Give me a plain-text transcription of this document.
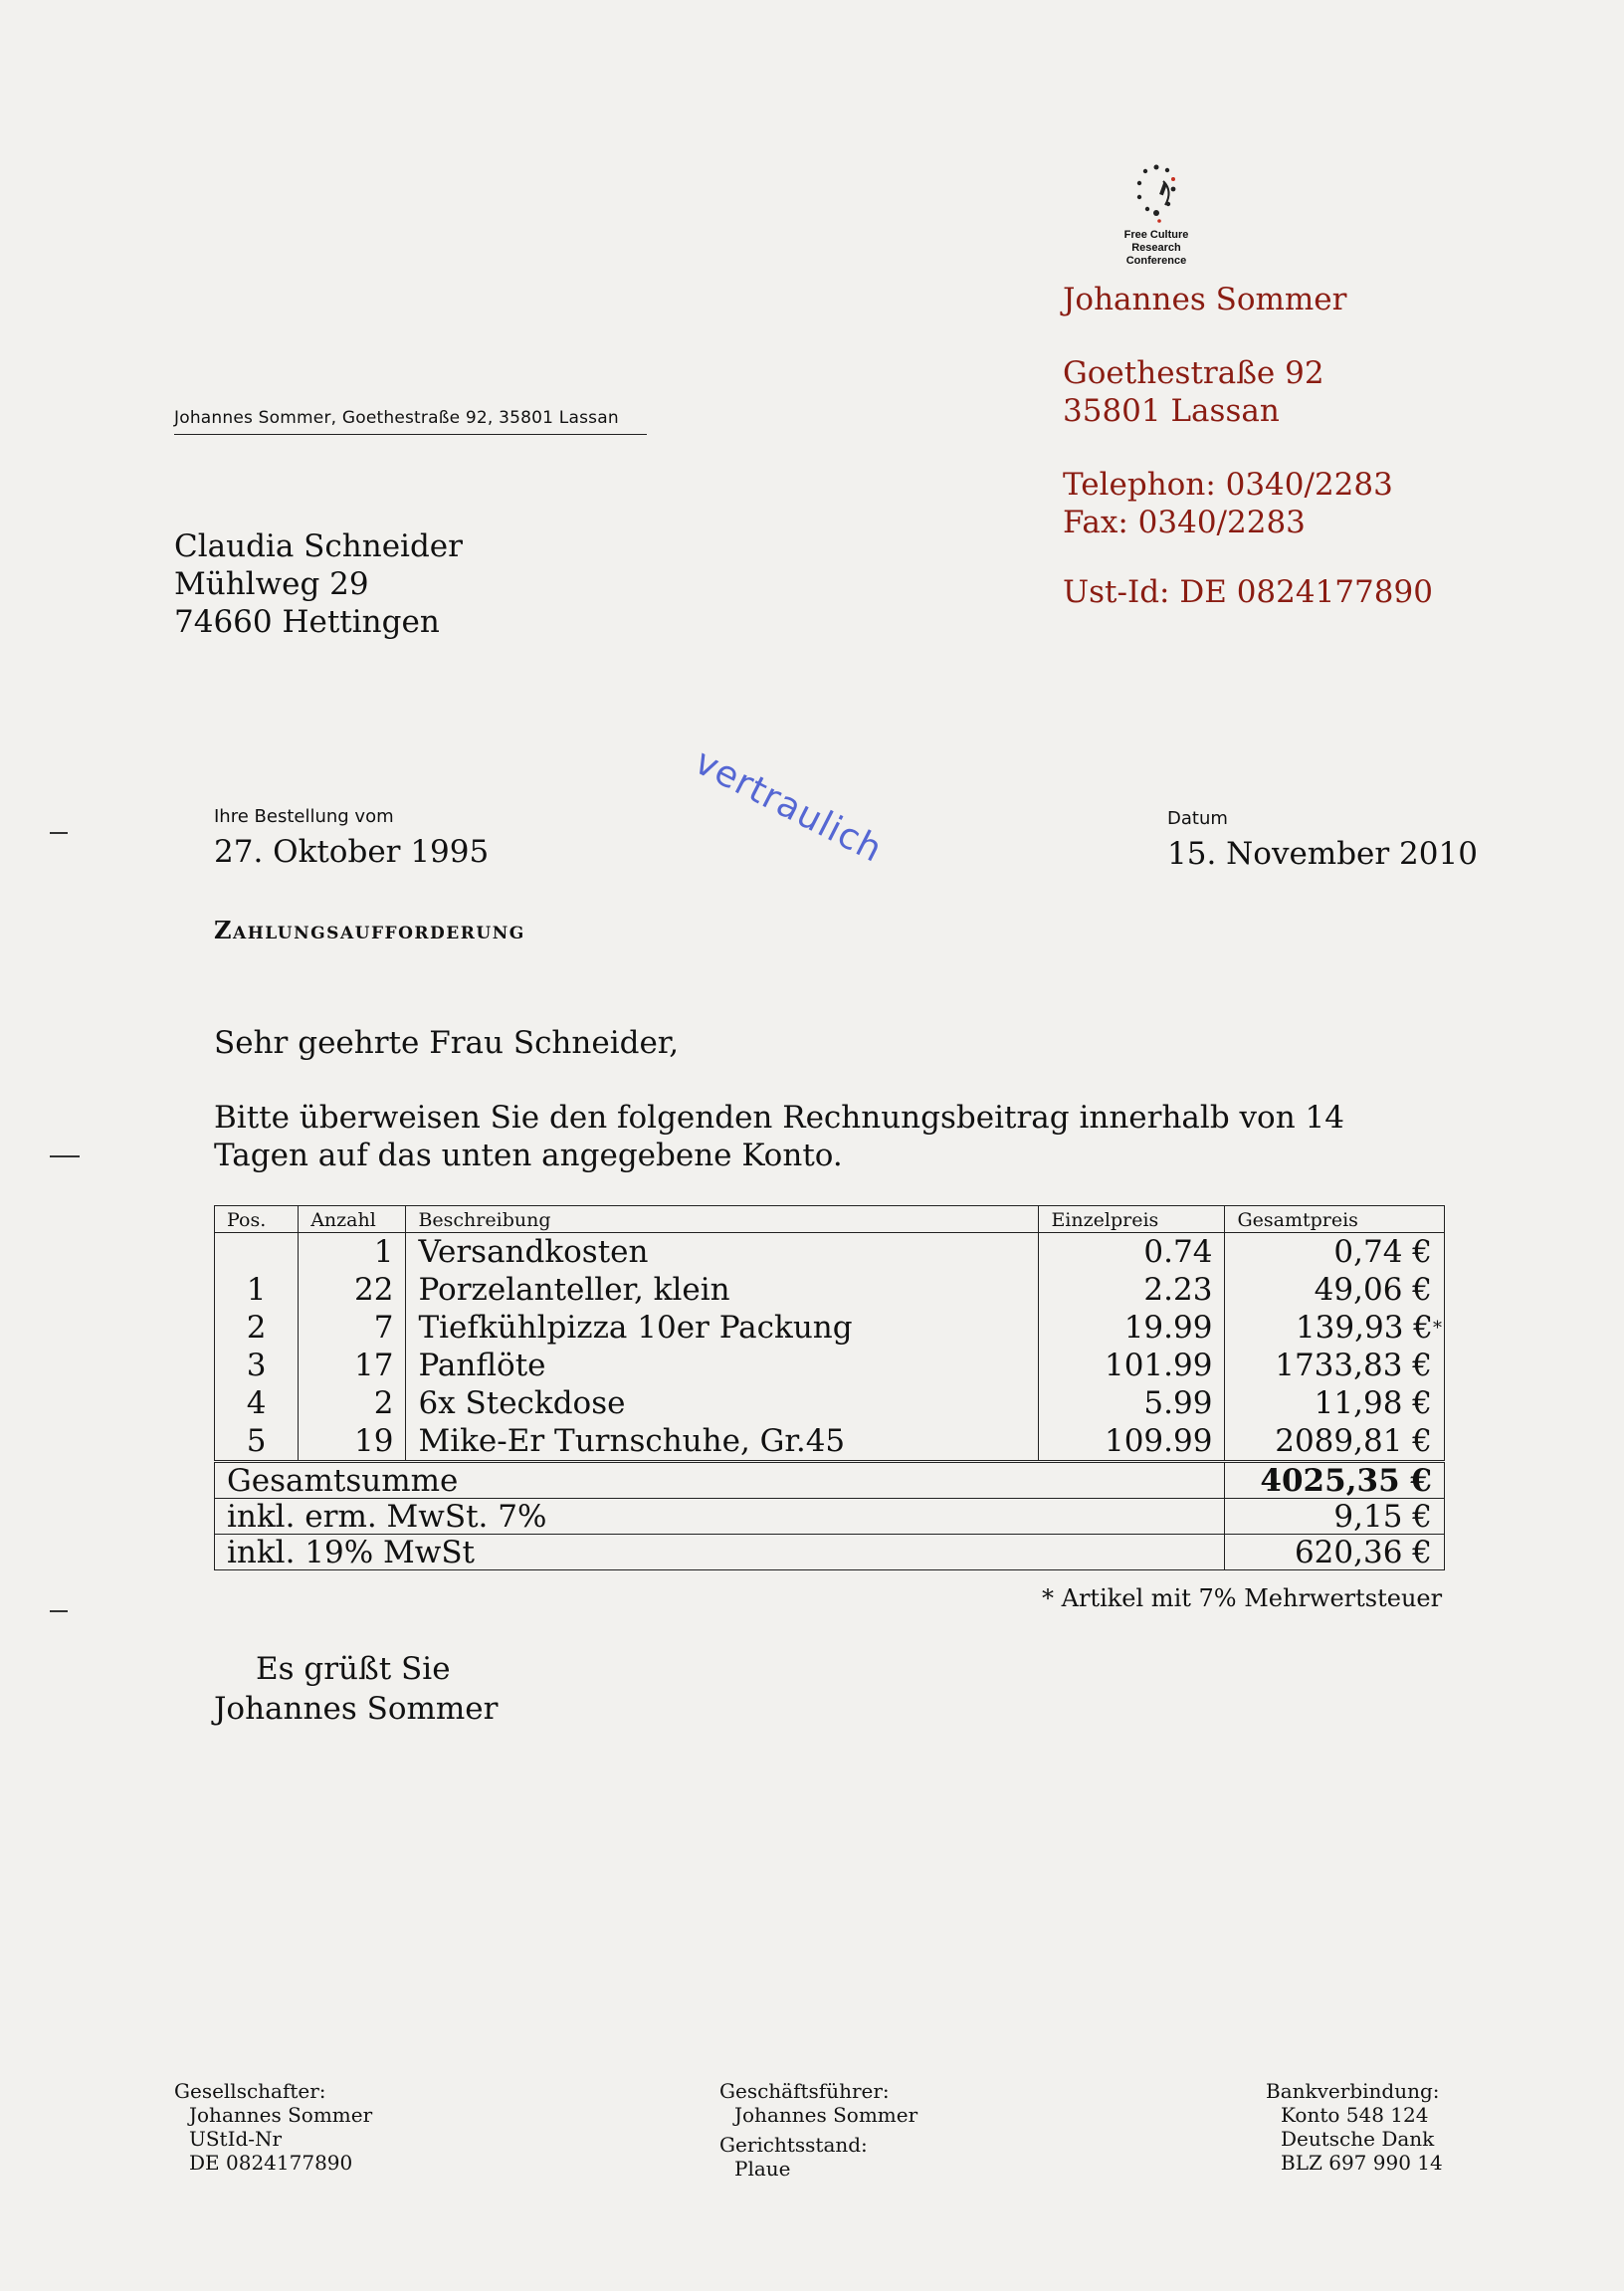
Free Culture
Research Conference
Johannes Sommer
Goethestraße 92
35801 Lassan
Telephon: 0340/2283
Fax: 0340/2283
Ust-Id: DE 0824177890
Johannes Sommer, Goethestraße 92, 35801 Lassan
Claudia Schneider
Mühlweg 29
74660 Hettingen
vertraulich
Ihre Bestellung vom
27. Oktober 1995
Datum
15. November 2010
Zahlungsaufforderung
Sehr geehrte Frau Schneider,
Bitte überweisen Sie den folgenden Rechnungsbeitrag innerhalb von 14 Tagen auf das unten angegebene Konto.
Pos.	Anzahl	Beschreibung	Einzelpreis	Gesamtpreis
	1	Versandkosten	0.74	0,74 €
1	22	Porzelanteller, klein	2.23	49,06 €
2	7	Tiefkühlpizza 10er Packung	19.99	139,93 €*
3	17	Panflöte	101.99	1733,83 €
4	2	6x Steckdose	5.99	11,98 €
5	19	Mike-Er Turnschuhe, Gr.45	109.99	2089,81 €
Gesamtsumme	4025,35 €
inkl. erm. MwSt. 7%	9,15 €
inkl. 19% MwSt	620,36 €
* Artikel mit 7% Mehrwertsteuer
Es grüßt Sie
Johannes Sommer
Gesellschafter:
Johannes Sommer
UStId-Nr
DE 0824177890
Geschäftsführer:
Johannes Sommer
Gerichtsstand:
Plaue
Bankverbindung:
Konto 548 124
Deutsche Dank
BLZ 697 990 14
